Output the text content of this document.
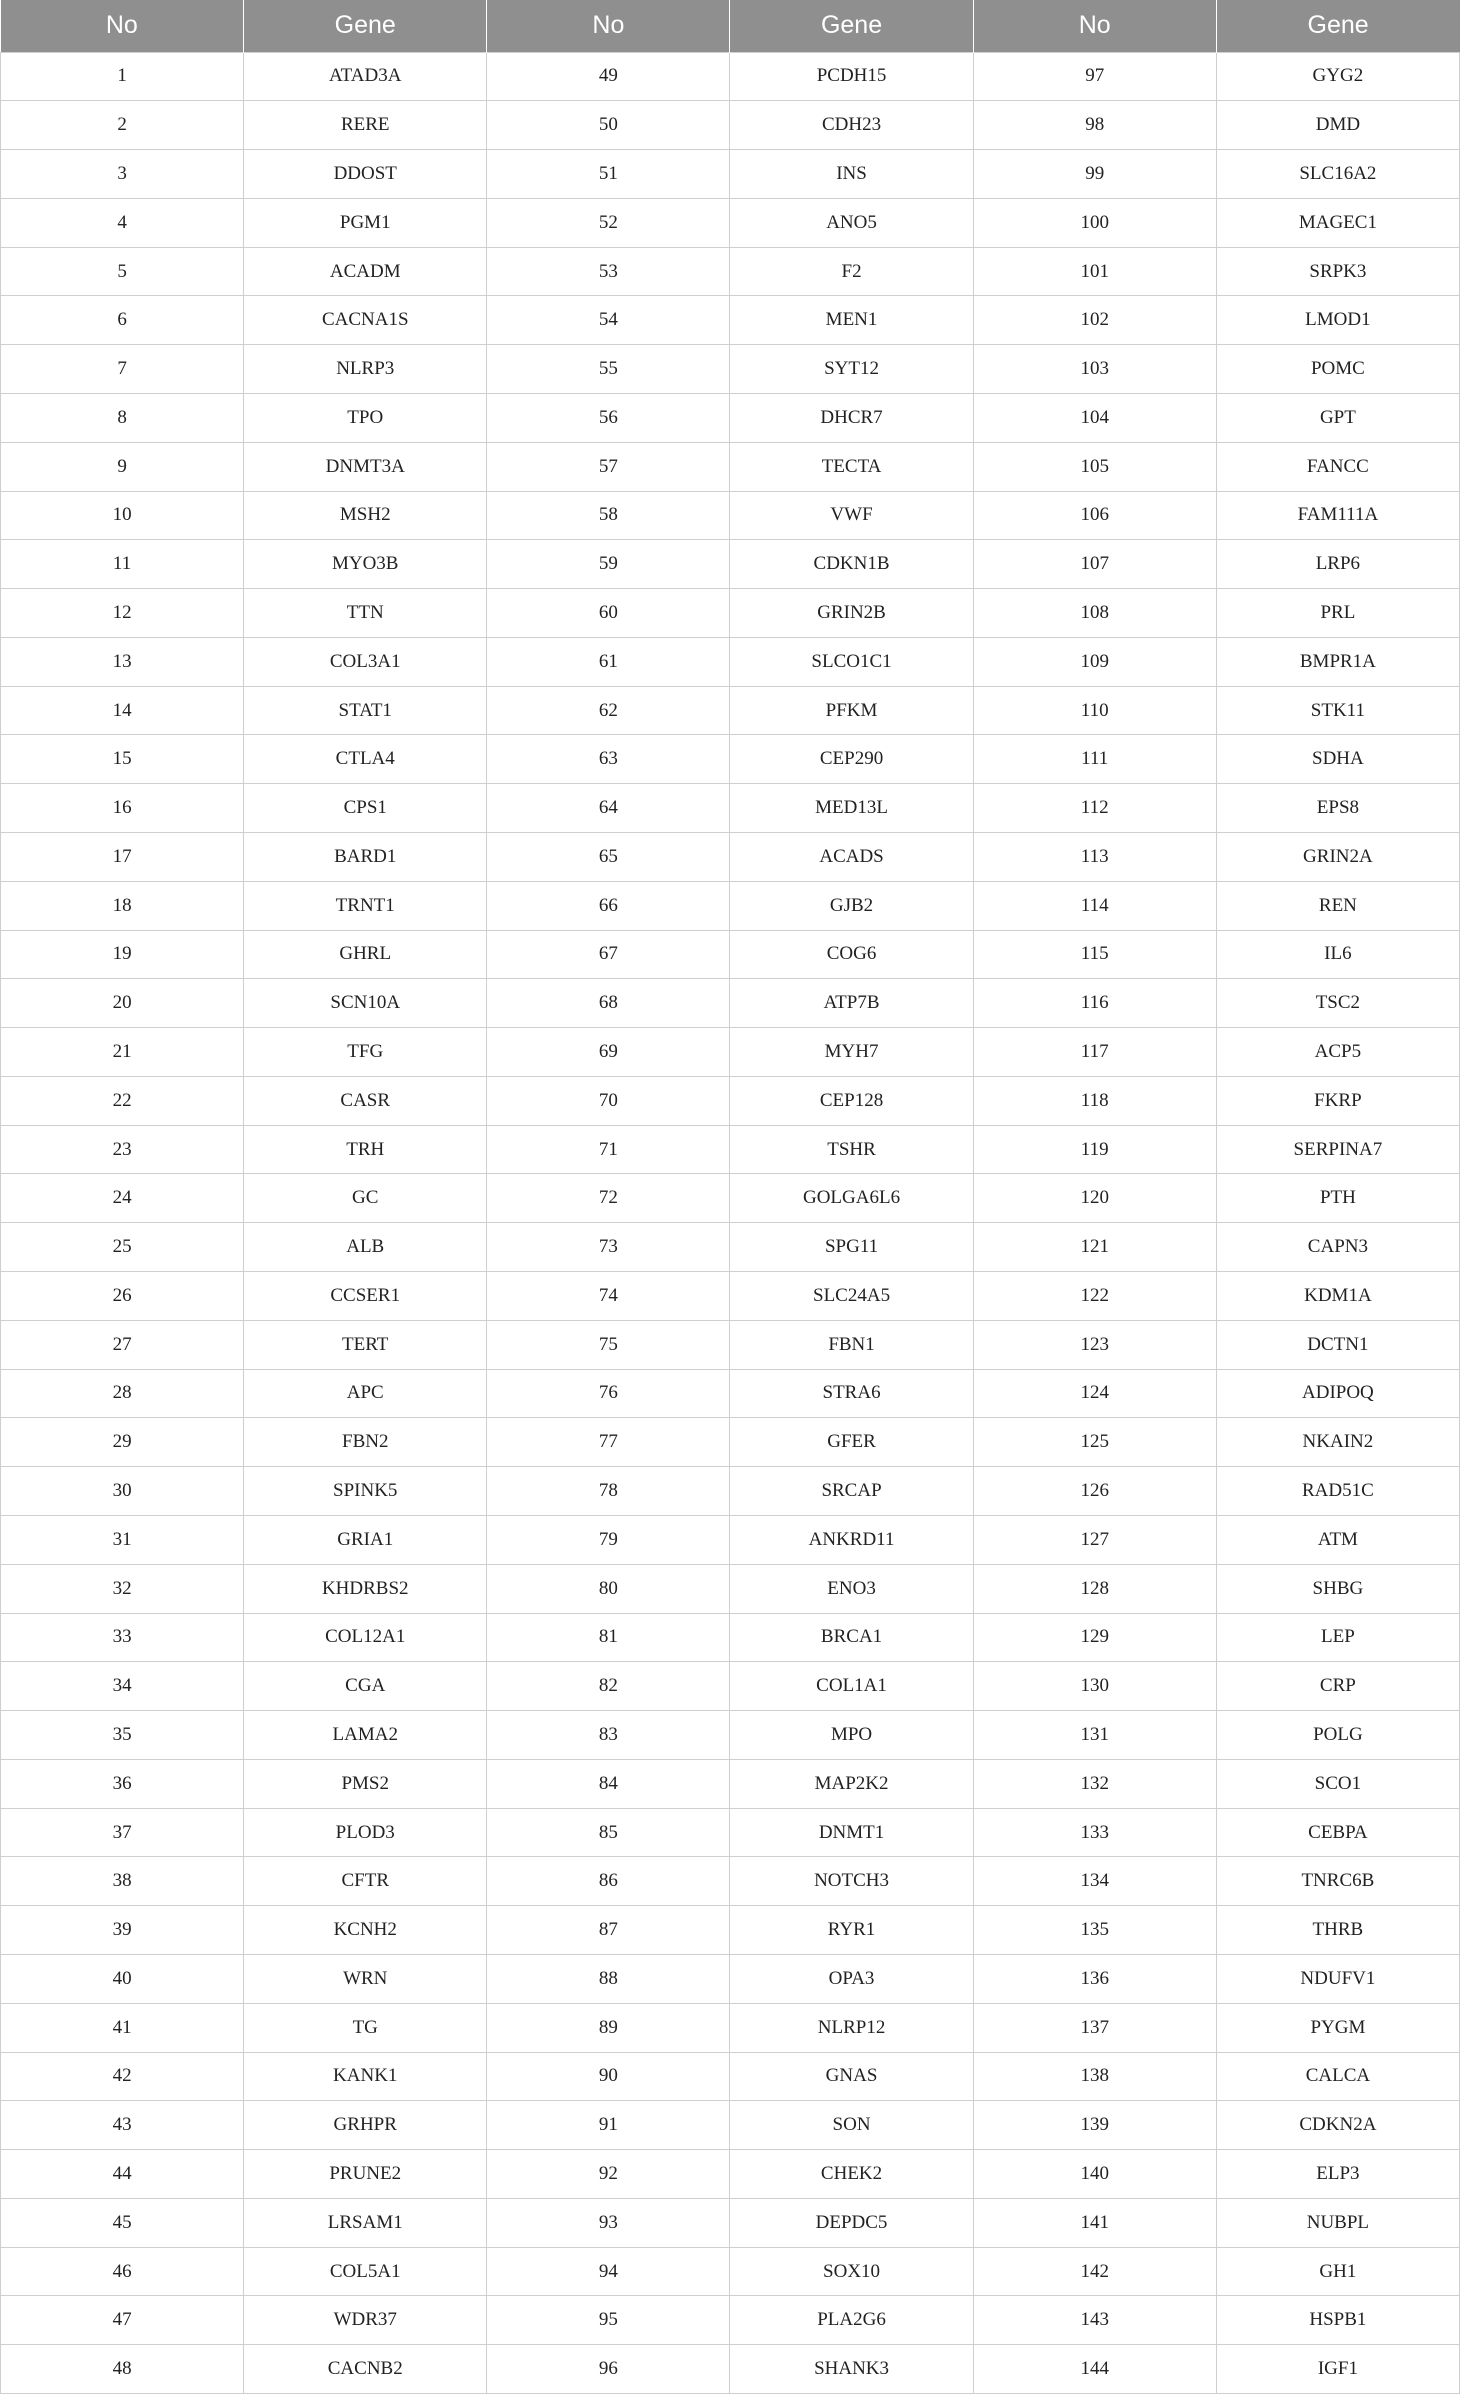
No	Gene	No	Gene	No	Gene
1	ATAD3A	49	PCDH15	97	GYG2
2	RERE	50	CDH23	98	DMD
3	DDOST	51	INS	99	SLC16A2
4	PGM1	52	ANO5	100	MAGEC1
5	ACADM	53	F2	101	SRPK3
6	CACNA1S	54	MEN1	102	LMOD1
7	NLRP3	55	SYT12	103	POMC
8	TPO	56	DHCR7	104	GPT
9	DNMT3A	57	TECTA	105	FANCC
10	MSH2	58	VWF	106	FAM111A
11	MYO3B	59	CDKN1B	107	LRP6
12	TTN	60	GRIN2B	108	PRL
13	COL3A1	61	SLCO1C1	109	BMPR1A
14	STAT1	62	PFKM	110	STK11
15	CTLA4	63	CEP290	111	SDHA
16	CPS1	64	MED13L	112	EPS8
17	BARD1	65	ACADS	113	GRIN2A
18	TRNT1	66	GJB2	114	REN
19	GHRL	67	COG6	115	IL6
20	SCN10A	68	ATP7B	116	TSC2
21	TFG	69	MYH7	117	ACP5
22	CASR	70	CEP128	118	FKRP
23	TRH	71	TSHR	119	SERPINA7
24	GC	72	GOLGA6L6	120	PTH
25	ALB	73	SPG11	121	CAPN3
26	CCSER1	74	SLC24A5	122	KDM1A
27	TERT	75	FBN1	123	DCTN1
28	APC	76	STRA6	124	ADIPOQ
29	FBN2	77	GFER	125	NKAIN2
30	SPINK5	78	SRCAP	126	RAD51C
31	GRIA1	79	ANKRD11	127	ATM
32	KHDRBS2	80	ENO3	128	SHBG
33	COL12A1	81	BRCA1	129	LEP
34	CGA	82	COL1A1	130	CRP
35	LAMA2	83	MPO	131	POLG
36	PMS2	84	MAP2K2	132	SCO1
37	PLOD3	85	DNMT1	133	CEBPA
38	CFTR	86	NOTCH3	134	TNRC6B
39	KCNH2	87	RYR1	135	THRB
40	WRN	88	OPA3	136	NDUFV1
41	TG	89	NLRP12	137	PYGM
42	KANK1	90	GNAS	138	CALCA
43	GRHPR	91	SON	139	CDKN2A
44	PRUNE2	92	CHEK2	140	ELP3
45	LRSAM1	93	DEPDC5	141	NUBPL
46	COL5A1	94	SOX10	142	GH1
47	WDR37	95	PLA2G6	143	HSPB1
48	CACNB2	96	SHANK3	144	IGF1
